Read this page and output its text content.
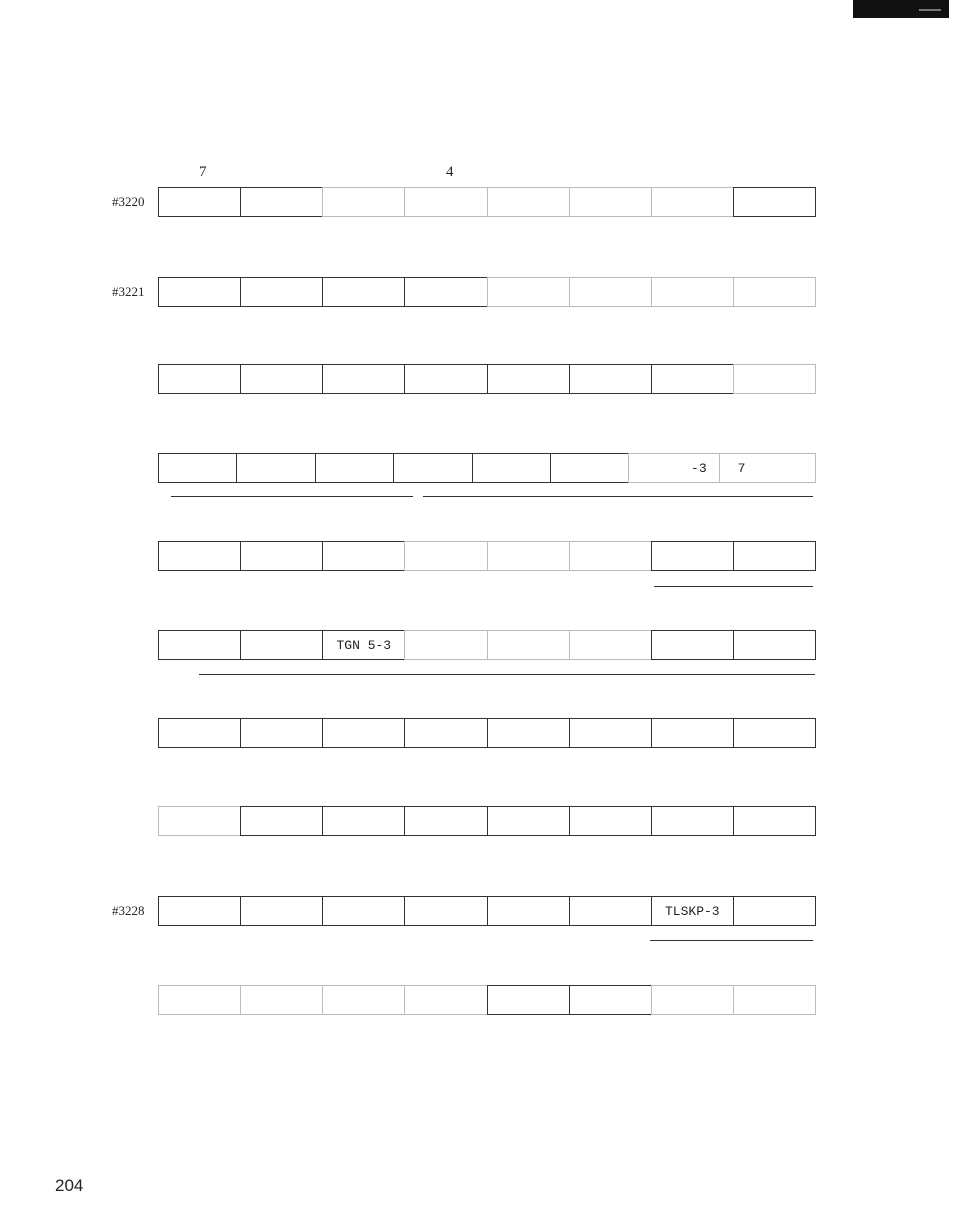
7	4
#3220
#3221
-3	7
TGN 5-3
#3228	TLSKP-3
204
